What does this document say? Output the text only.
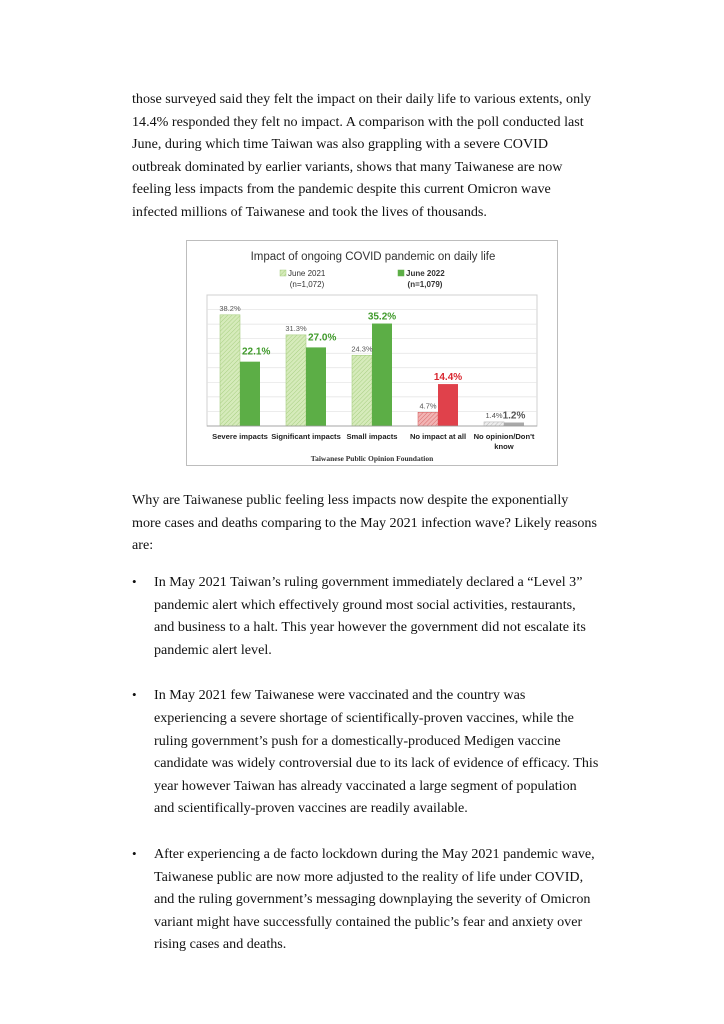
those surveyed said they felt the impact on their daily life to various extents, only
14.4% responded they felt no impact. A comparison with the poll conducted last
June, during which time Taiwan was also grappling with a severe COVID
outbreak dominated by earlier variants, shows that many Taiwanese are now
feeling less impacts from the pandemic despite this current Omicron wave
infected millions of Taiwanese and took the lives of thousands.
Impact of ongoing COVID pandemic on daily life
June 2021
(n=1,072)
June 2022
(n=1,079)
38.2%
22.1%
Severe impacts
31.3%
27.0%
Significant impacts
24.3%
35.2%
Small impacts
4.7%
14.4%
No impact at all
1.4% 1.2%
No opinion/Don't
know
Taiwanese Public Opinion Foundation
Why are Taiwanese public feeling less impacts now despite the exponentially
more cases and deaths comparing to the May 2021 infection wave? Likely reasons
are:
• In May 2021 Taiwan’s ruling government immediately declared a “Level 3”
pandemic alert which effectively ground most social activities, restaurants,
and business to a halt. This year however the government did not escalate its
pandemic alert level.
• In May 2021 few Taiwanese were vaccinated and the country was
experiencing a severe shortage of scientifically-proven vaccines, while the
ruling government’s push for a domestically-produced Medigen vaccine
candidate was widely controversial due to its lack of evidence of efficacy. This
year however Taiwan has already vaccinated a large segment of population
and scientifically-proven vaccines are readily available.
• After experiencing a de facto lockdown during the May 2021 pandemic wave,
Taiwanese public are now more adjusted to the reality of life under COVID,
and the ruling government’s messaging downplaying the severity of Omicron
variant might have successfully contained the public’s fear and anxiety over
rising cases and deaths.
